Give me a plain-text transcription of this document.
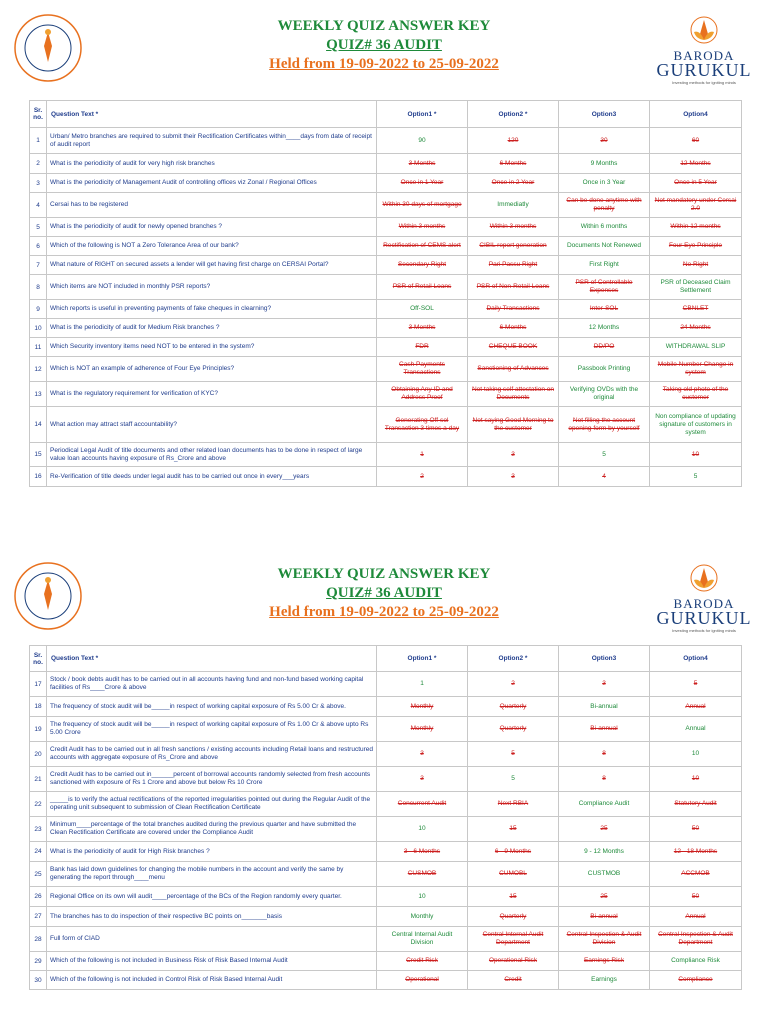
WEEKLY QUIZ ANSWER KEY
QUIZ# 36 AUDIT
Held from 19-09-2022 to 25-09-2022
BARODA
GURUKUL
Investing methods for igniting minds
Sr. no.	Question Text *	Option1 *	Option2 *	Option3	Option4
1	Urban/ Metro branches are required to submit their Rectification Certificates within____days from date of receipt of audit report	90	120	30	60
2	What is the periodicity of audit for very high risk branches	3 Months	6 Months	9 Months	12 Months
3	What is the periodicity of Management Audit of controlling offices viz Zonal / Regional Offices	Once in 1 Year	Once in 2 Year	Once in 3 Year	Once in 5 Year
4	Cersai has to be registered	Within 30 days of mortgage	Immediatly	Can be done anytime with penalty	Not mandatory under Cersai 2.0
5	What is the periodicity of audit for newly opened branches ?	Within 3 months	Within 3 months	Within 6 months	Within 12 months
6	Which of the following is NOT a Zero Tolerance Area of our bank?	Rectification of CEMS alert	CIBIL report generation	Documents Not Renewed	Four Eye Principle
7	What nature of RIGHT on secured assets a lender will get having first charge on CERSAI Portal?	Secondary Right	Pari Passu Right	First Right	No Right
8	Which items are NOT included in monthly PSR reports?	PSR of Retail Loans	PSR of Non-Retail Loans	PSR of Controllable Expenses	PSR of Deceased Claim Settlement
9	Which reports is useful in preventing payments of fake cheques in clearning?	Off-SOL	Daily Transactions	Inter-SOL	CBNLET
10	What is the periodicity of audit for Medium Risk branches ?	3 Months	6 Months	12 Months	24 Months
11	Which Security inventory items need NOT to be entered in the system?	FDR	CHEQUE BOOK	DD/PO	WITHDRAWAL SLIP
12	Which is NOT an example of adherence of Four Eye Principles?	Cash Payments Transactions	Sanctioning of Advances	Passbook Printing	Mobile Number Change in system
13	What is the regulatory requirement for verification of KYC?	Obtaining Any ID and Address Proof	Not taking self attestation on Documents	Verifying OVDs with the original	Taking old photo of the customer
14	What action may attract staff accountability?	Generating Off-sol Transaction 3 times a day	Not saying Good Morning to the customer	Not filling the account opening form by yourself	Non compliance of updating signature of customers in system
15	Periodical Legal Audit of title documents and other related loan documents has to be done in respect of large value loan accounts having exposure of Rs_Crore and above	1	3	5	10
16	Re-Verification of title deeds under legal audit has to be carried out once in every___years	2	3	4	5
WEEKLY QUIZ ANSWER KEY
QUIZ# 36 AUDIT
Held from 19-09-2022 to 25-09-2022
BARODA
GURUKUL
Investing methods for igniting minds
Sr. no.	Question Text *	Option1 *	Option2 *	Option3	Option4
17	Stock / book debts audit has to be carried out in all accounts having fund and non-fund based working capital facilities of Rs____Crore & above	1	2	3	5
18	The frequency of stock audit will be_____in respect of working capital exposure of Rs 5.00 Cr & above.	Monthly	Quarterly	Bi-annual	Annual
19	The frequency of stock audit will be_____in respect of working capital exposure of Rs 1.00 Cr & above upto Rs 5.00 Crore	Monthly	Quarterly	Bi-annual	Annual
20	Credit Audit has to be carried out in all fresh sanctions / existing accounts including Retail loans and restructured accounts with aggregate exposure of Rs_Crore and above	3	5	8	10
21	Credit Audit has to be carried out in______percent of borrowal accounts randomly selected from fresh accounts sanctioned with exposure of Rs 1 Crore and above but below Rs 10 Crore	3	5	8	10
22	_____is to verify the actual rectifications of the reported irregularities pointed out during the Regular Audit of the operating unit subsequent to submission of Clean Rectification Certificate	Concurrent Audit	Next RBIA	Compliance Audit	Statutory Audit
23	Minimum____percentage of the total branches audited during the previous quarter and have submitted the Clean Rectification Certificate are covered under the Compliance Audit	10	15	25	50
24	What is the periodicity of audit for High Risk branches ?	3 - 6 Months	6 - 9 Months	9 - 12 Months	12 - 18 Months
25	Bank has laid down guidelines for changing the mobile numbers in the account and verify the same by generating the report through____menu	CUSMOB	CUMOBL	CUSTMOB	ACCMOB
26	Regional Office on its own will audit____percentage of the BCs of the Region randomly every quarter.	10	15	25	50
27	The branches has to do inspection of their respective BC points on_______basis	Monthly	Quarterly	Bi-annual	Annual
28	Full form of CIAD	Central Internal Audit Division	Central Internal Audit Department	Central Inspection & Audit Division	Central Inspection & Audit Department
29	Which of the following is not included in Business Risk of Risk Based Internal Audit	Credit Risk	Operational Risk	Earnings Risk	Compliance Risk
30	Which of the following is not included in Control Risk of Risk Based Internal Audit	Operational	Credit	Earnings	Compliance
